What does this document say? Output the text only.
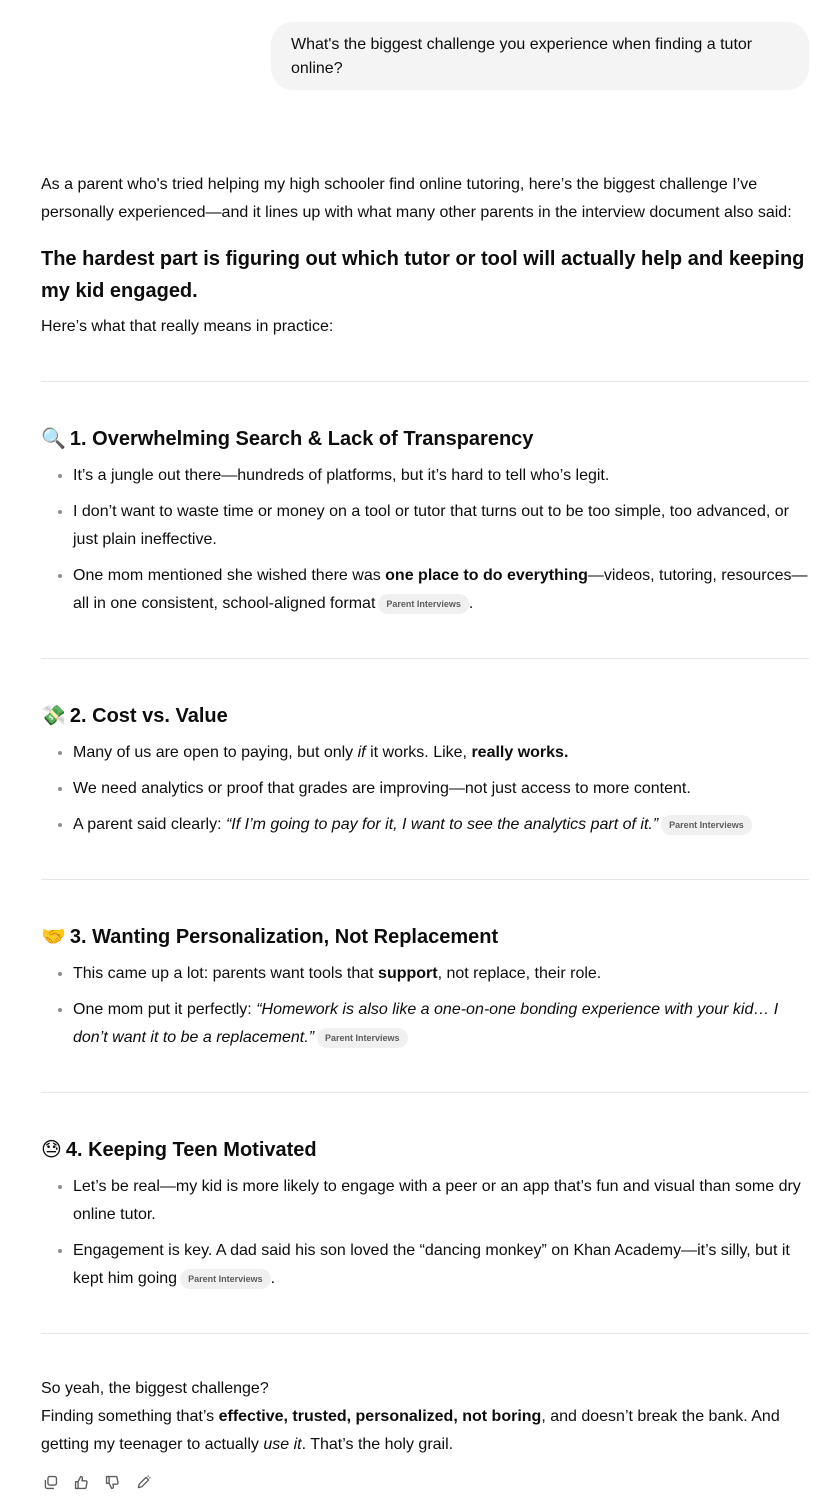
What's the biggest challenge you experience when finding a tutor online?

As a parent who's tried helping my high schooler find online tutoring, here’s the biggest challenge I’ve personally experienced—and it lines up with what many other parents in the interview document also said:

The hardest part is figuring out which tutor or tool will actually help and keeping my kid engaged.

Here’s what that really means in practice:

🔍 1. Overwhelming Search & Lack of Transparency
• It’s a jungle out there—hundreds of platforms, but it’s hard to tell who’s legit.
• I don’t want to waste time or money on a tool or tutor that turns out to be too simple, too advanced, or just plain ineffective.
• One mom mentioned she wished there was one place to do everything—videos, tutoring, resources—all in one consistent, school-aligned format Parent Interviews .
💸 2. Cost vs. Value
• Many of us are open to paying, but only if it works. Like, really works.
• We need analytics or proof that grades are improving—not just access to more content.
• A parent said clearly: “If I’m going to pay for it, I want to see the analytics part of it.” Parent Interviews
🤝 3. Wanting Personalization, Not Replacement
• This came up a lot: parents want tools that support, not replace, their role.
• One mom put it perfectly: “Homework is also like a one-on-one bonding experience with your kid… I don’t want it to be a replacement.” Parent Interviews
😓 4. Keeping Teen Motivated
• Let’s be real—my kid is more likely to engage with a peer or an app that’s fun and visual than some dry online tutor.
• Engagement is key. A dad said his son loved the “dancing monkey” on Khan Academy—it’s silly, but it kept him going Parent Interviews .

So yeah, the biggest challenge?

Finding something that’s effective, trusted, personalized, not boring, and doesn’t break the bank. And getting my teenager to actually use it. That’s the holy grail.
